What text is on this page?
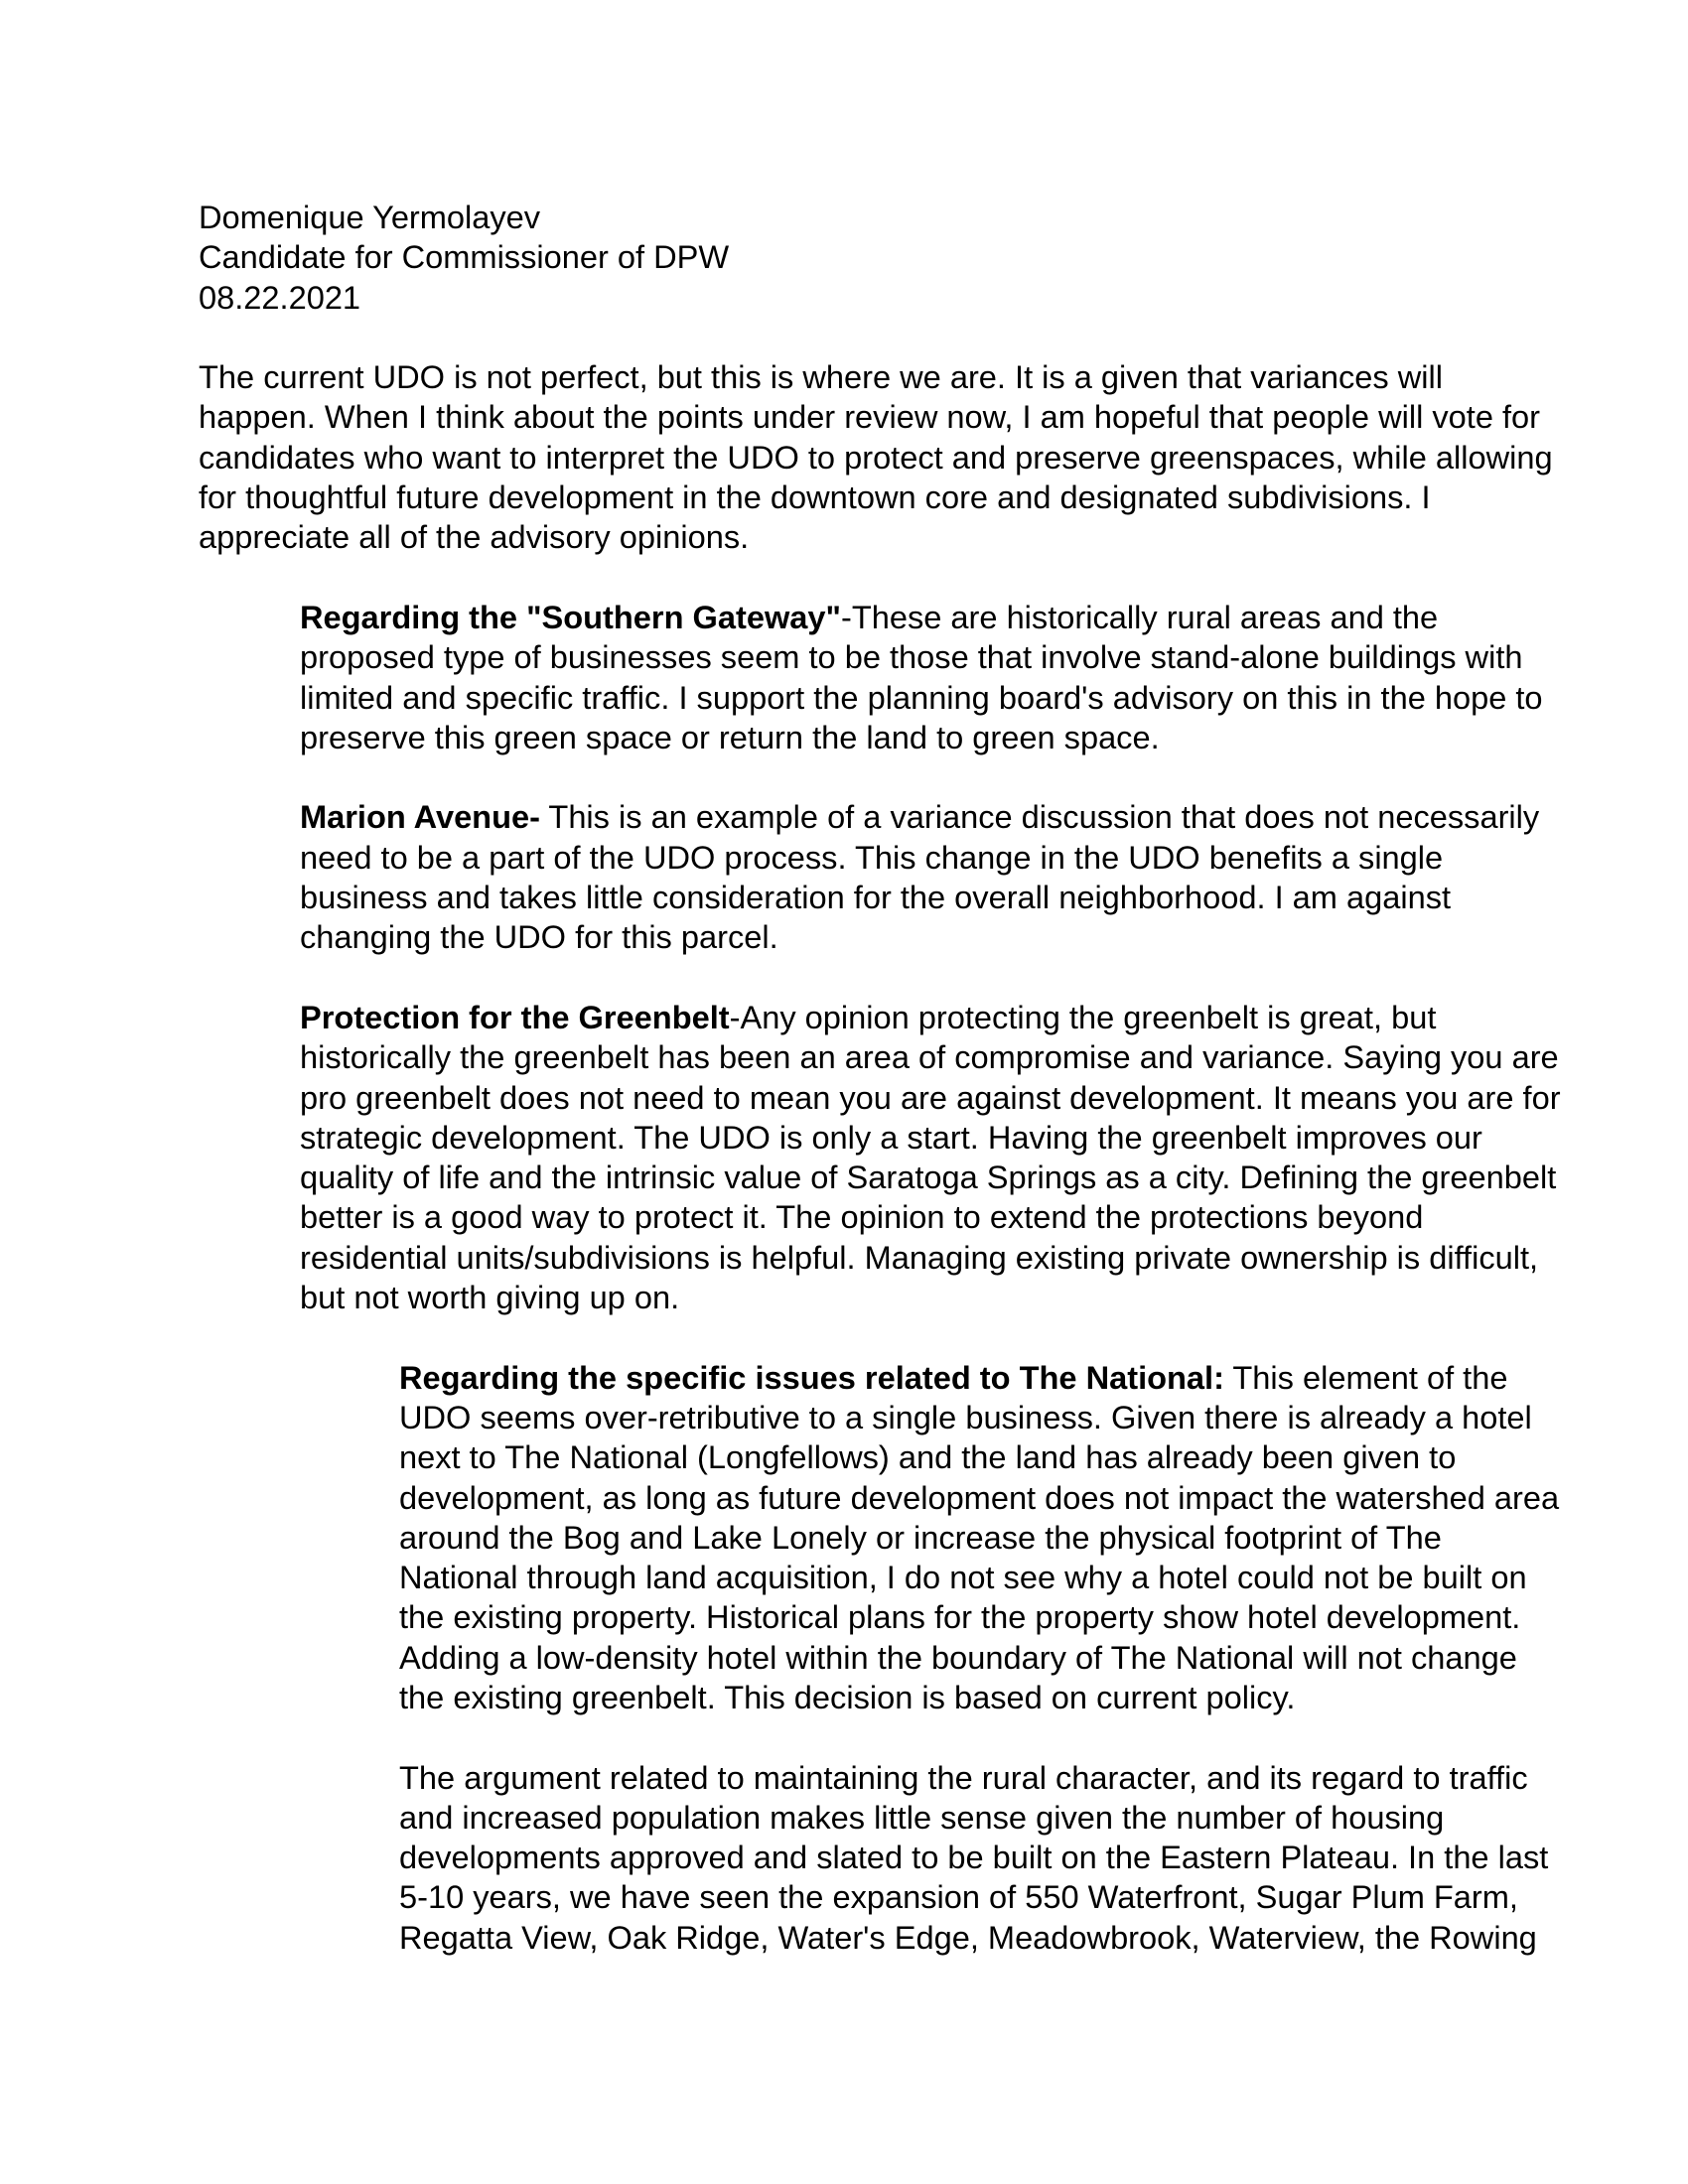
Domenique Yermolayev
Candidate for Commissioner of DPW
08.22.2021
The current UDO is not perfect, but this is where we are. It is a given that variances will
happen. When I think about the points under review now, I am hopeful that people will vote for
candidates who want to interpret the UDO to protect and preserve greenspaces, while allowing
for thoughtful future development in the downtown core and designated subdivisions. I
appreciate all of the advisory opinions.
Regarding the "Southern Gateway"-These are historically rural areas and the
proposed type of businesses seem to be those that involve stand-alone buildings with
limited and specific traffic. I support the planning board's advisory on this in the hope to
preserve this green space or return the land to green space.
Marion Avenue- This is an example of a variance discussion that does not necessarily
need to be a part of the UDO process. This change in the UDO benefits a single
business and takes little consideration for the overall neighborhood. I am against
changing the UDO for this parcel.
Protection for the Greenbelt-Any opinion protecting the greenbelt is great, but
historically the greenbelt has been an area of compromise and variance. Saying you are
pro greenbelt does not need to mean you are against development. It means you are for
strategic development. The UDO is only a start. Having the greenbelt improves our
quality of life and the intrinsic value of Saratoga Springs as a city. Defining the greenbelt
better is a good way to protect it. The opinion to extend the protections beyond
residential units/subdivisions is helpful. Managing existing private ownership is difficult,
but not worth giving up on.
Regarding the specific issues related to The National: This element of the
UDO seems over-retributive to a single business. Given there is already a hotel
next to The National (Longfellows) and the land has already been given to
development, as long as future development does not impact the watershed area
around the Bog and Lake Lonely or increase the physical footprint of The
National through land acquisition, I do not see why a hotel could not be built on
the existing property. Historical plans for the property show hotel development.
Adding a low-density hotel within the boundary of The National will not change
the existing greenbelt. This decision is based on current policy.
The argument related to maintaining the rural character, and its regard to traffic
and increased population makes little sense given the number of housing
developments approved and slated to be built on the Eastern Plateau. In the last
5-10 years, we have seen the expansion of 550 Waterfront, Sugar Plum Farm,
Regatta View, Oak Ridge, Water's Edge, Meadowbrook, Waterview, the Rowing
